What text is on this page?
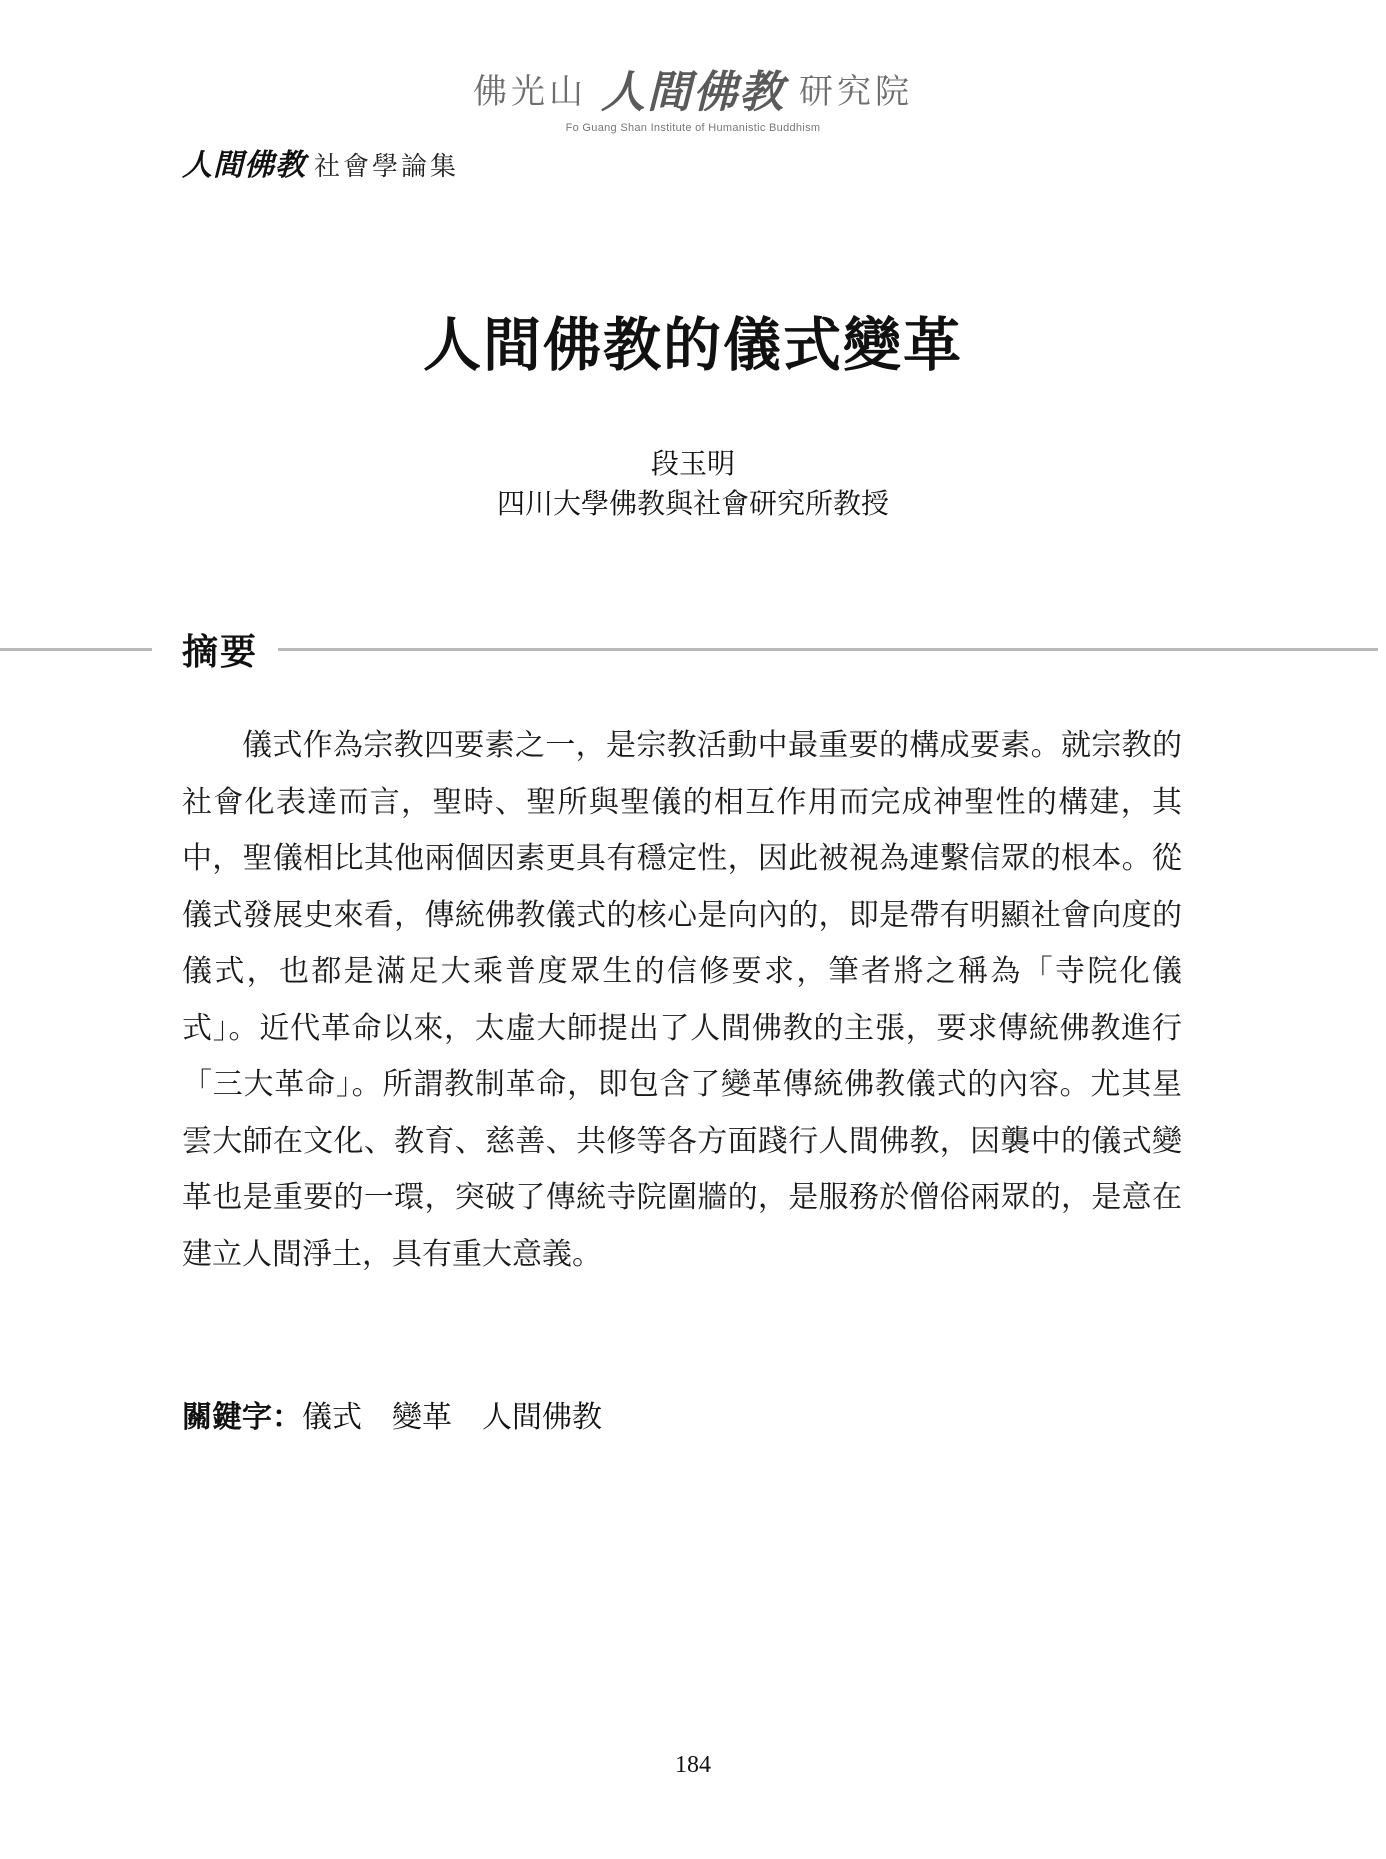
佛光山 人間佛教 研究院
Fo Guang Shan Institute of Humanistic Buddhism
人間佛教 社會學論集
人間佛教的儀式變革
段玉明
四川大學佛教與社會研究所教授
摘要

儀式作為宗教四要素之一，是宗教活動中最重要的構成要素。就宗教的社會化表達而言，聖時、聖所與聖儀的相互作用而完成神聖性的構建，其中，聖儀相比其他兩個因素更具有穩定性，因此被視為連繫信眾的根本。從儀式發展史來看，傳統佛教儀式的核心是向內的，即是帶有明顯社會向度的儀式，也都是滿足大乘普度眾生的信修要求，筆者將之稱為「寺院化儀式」。近代革命以來，太虛大師提出了人間佛教的主張，要求傳統佛教進行「三大革命」。所謂教制革命，即包含了變革傳統佛教儀式的內容。尤其星雲大師在文化、教育、慈善、共修等各方面踐行人間佛教，因襲中的儀式變革也是重要的一環，突破了傳統寺院圍牆的，是服務於僧俗兩眾的，是意在建立人間淨土，具有重大意義。

關鍵字：儀式 變革 人間佛教
184
